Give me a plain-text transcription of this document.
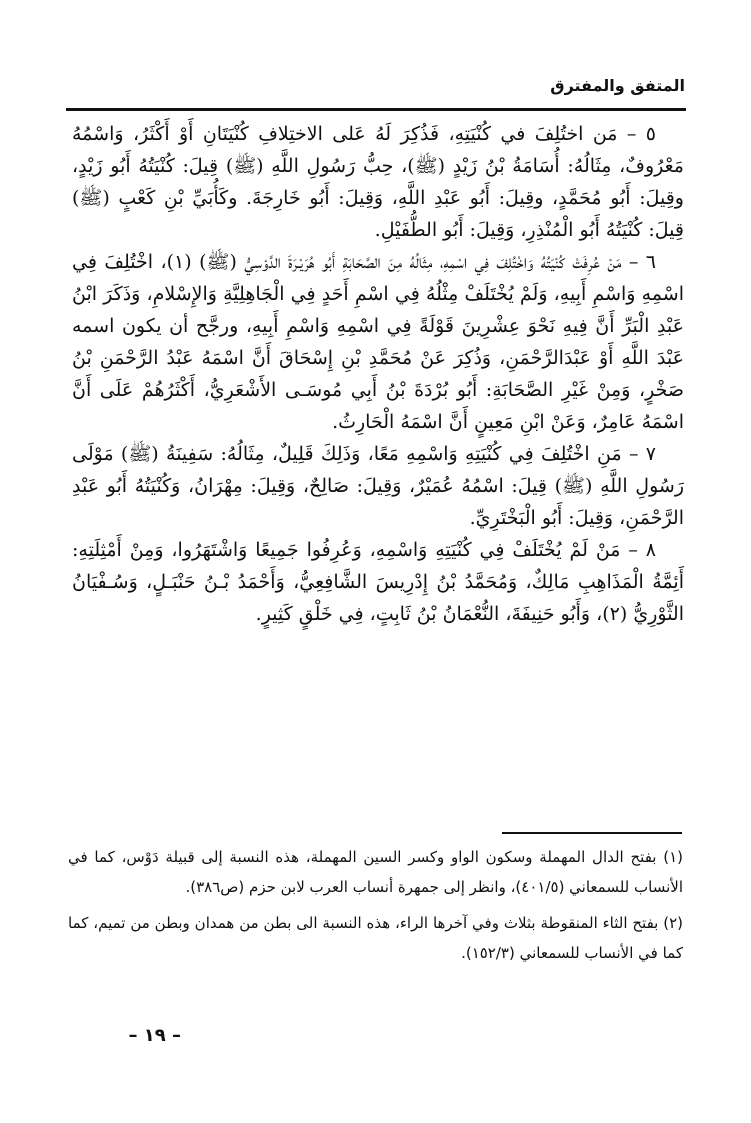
المتفق والمفترق

٥ – مَن اختُلِفَ في كُنْيَتِهِ، فَذُكِرَ لَهُ عَلى الاختِلافِ كُنْيَتَانِ أَوْ أَكْثَرُ، وَاسْمُهُ مَعْرُوفٌ، مِثَالُهُ: أُسَامَةُ بْنُ زَيْدٍ (ﷺ)، حِبُّ رَسُولِ اللَّهِ (ﷺ) قِيلَ: كُنْيَتُهُ أَبُو زَيْدٍ، وقِيلَ: أَبُو مُحَمَّدٍ، وقِيلَ: أَبُو عَبْدِ اللَّهِ، وَقِيلَ: أَبُو خَارِجَةَ. وكَأُبَيِّ بْنِ كَعْبٍ (ﷺ) قِيلَ: كُنْيَتُهُ أَبُو الْمُنْذِرِ، وَقِيلَ: أَبُو الطُّفَيْلِ.

٦ – مَنْ عُرِفَتْ كُنْيَتُهُ وَاخْتُلِفَ فِي اسْمِهِ، مِثَالُهُ مِنَ الصَّحَابَةِ أَبُو هُرَيْـرَةَ الدَّوْسِيُّ (ﷺ) (١)، اخْتُلِفَ فِي اسْمِهِ وَاسْمِ أَبِيهِ، وَلَمْ يُخْتَلَفْ مِثْلُهُ فِي اسْمِ أَحَدٍ فِي الْجَاهِلِيَّةِ وَالإِسْلامِ، وَذَكَرَ ابْنُ عَبْدِ الْبَرِّ أَنَّ فِيهِ نَحْوَ عِشْرِينَ قَوْلَةً فِي اسْمِهِ وَاسْمِ أَبِيهِ، ورجَّح أن يكون اسمه عَبْدَ اللَّهِ أَوْ عَبْدَالرَّحْمَنِ، وَذُكِرَ عَنْ مُحَمَّدِ بْنِ إِسْحَاقَ أَنَّ اسْمَهُ عَبْدُ الرَّحْمَنِ بْنُ صَخْرٍ، وَمِنْ غَيْرِ الصَّحَابَةِ: أَبُو بُرْدَةَ بْنُ أَبِي مُوسَـى الأَشْعَرِيُّ، أَكْثَرُهُمْ عَلَى أَنَّ اسْمَهُ عَامِرٌ، وَعَنْ ابْنِ مَعِينٍ أَنَّ اسْمَهُ الْحَارِثُ.

٧ – مَنِ اخْتُلِفَ فِي كُنْيَتِهِ وَاسْمِهِ مَعًا، وَذَلِكَ قَلِيلٌ، مِثَالُهُ: سَفِينَةُ (ﷺ) مَوْلَى رَسُولِ اللَّهِ (ﷺ) قِيلَ: اسْمُهُ عُمَيْرٌ، وَقِيلَ: صَالِحٌ، وَقِيلَ: مِهْرَانُ، وَكُنْيَتُهُ أَبُو عَبْدِ الرَّحْمَنِ، وَقِيلَ: أَبُو الْبَخْتَرِيِّ.

٨ – مَنْ لَمْ يُخْتَلَفْ فِي كُنْيَتِهِ وَاسْمِهِ، وَعُرِفُوا جَمِيعًا وَاشْتَهَرُوا، وَمِنْ أَمْثِلَتِهِ: أَئِمَّةُ الْمَذَاهِبِ مَالِكٌ، وَمُحَمَّدُ بْنُ إِدْرِيسَ الشَّافِعِيُّ، وَأَحْمَدُ بْـنُ حَنْبَـلٍ، وَسُـفْيَانُ الثَّوْرِيُّ (٢)، وَأَبُو حَنِيفَةَ، النُّعْمَانُ بْنُ ثَابِتٍ، فِي خَلْقٍ كَثِيرٍ.

(١) بفتح الدال المهملة وسكون الواو وكسر السين المهملة، هذه النسبة إلى قبيلة دَوْس، كما في الأنساب للسمعاني (٤٠١/٥)، وانظر إلى جمهرة أنساب العرب لابن حزم (ص٣٨٦).

(٢) بفتح الثاء المنقوطة بثلاث وفي آخرها الراء، هذه النسبة الى بطن من همدان وبطن من تميم، كما كما في الأنساب للسمعاني (١٥٢/٣).

– ١٩ –
